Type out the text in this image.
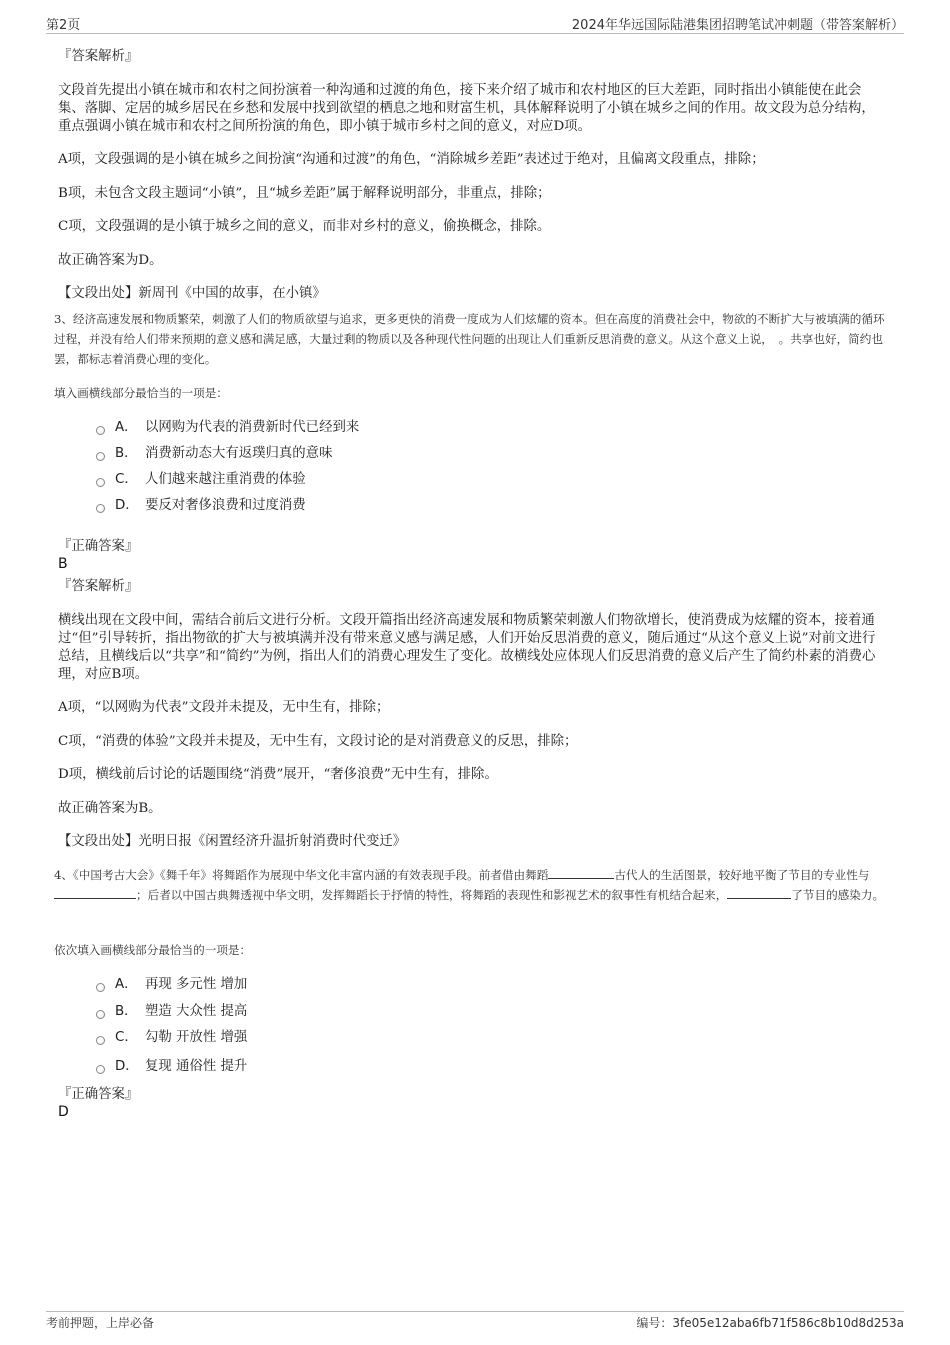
第2页	2024年华远国际陆港集团招聘笔试冲刺题（带答案解析）
『答案解析』

文段首先提出小镇在城市和农村之间扮演着一种沟通和过渡的角色，接下来介绍了城市和农村地区的巨大差距，同时指出小镇能使在此会集、落脚、定居的城乡居民在乡愁和发展中找到欲望的栖息之地和财富生机，具体解释说明了小镇在城乡之间的作用。故文段为总分结构，重点强调小镇在城市和农村之间所扮演的角色，即小镇于城市乡村之间的意义，对应D项。

A项，文段强调的是小镇在城乡之间扮演“沟通和过渡”的角色，“消除城乡差距”表述过于绝对，且偏离文段重点，排除；

B项，未包含文段主题词“小镇”，且“城乡差距”属于解释说明部分，非重点，排除；

C项，文段强调的是小镇于城乡之间的意义，而非对乡村的意义，偷换概念，排除。

故正确答案为D。

【文段出处】新周刊《中国的故事，在小镇》

3、经济高速发展和物质繁荣，刺激了人们的物质欲望与追求，更多更快的消费一度成为人们炫耀的资本。但在高度的消费社会中，物欲的不断扩大与被填满的循环过程，并没有给人们带来预期的意义感和满足感，大量过剩的物质以及各种现代性问题的出现让人们重新反思消费的意义。从这个意义上说，　。共享也好，简约也罢，都标志着消费心理的变化。

填入画横线部分最恰当的一项是：

A． 以网购为代表的消费新时代已经到来
B． 消费新动态大有返璞归真的意味
C． 人们越来越注重消费的体验
D． 要反对奢侈浪费和过度消费
『正确答案』
B
『答案解析』

横线出现在文段中间，需结合前后文进行分析。文段开篇指出经济高速发展和物质繁荣刺激人们物欲增长，使消费成为炫耀的资本，接着通过“但”引导转折，指出物欲的扩大与被填满并没有带来意义感与满足感，人们开始反思消费的意义，随后通过“从这个意义上说”对前文进行总结，且横线后以“共享”和“简约”为例，指出人们的消费心理发生了变化。故横线处应体现人们反思消费的意义后产生了简约朴素的消费心理，对应B项。

A项，“以网购为代表”文段并未提及，无中生有，排除；

C项，“消费的体验”文段并未提及，无中生有，文段讨论的是对消费意义的反思，排除；

D项，横线前后讨论的话题围绕“消费”展开，“奢侈浪费”无中生有，排除。

故正确答案为B。

【文段出处】光明日报《闲置经济升温折射消费时代变迁》

4、《中国考古大会》《舞千年》将舞蹈作为展现中华文化丰富内涵的有效表现手段。前者借由舞蹈	古代人的生活图景，较好地平衡了节目的专业性与；后者以中国古典舞透视中华文明，发挥舞蹈长于抒情的特性，将舞蹈的表现性和影视艺术的叙事性有机结合起来，	了节目的感染力。

依次填入画横线部分最恰当的一项是：

A． 再现 多元性 增加
B． 塑造 大众性 提高
C． 勾勒 开放性 增强
D． 复现 通俗性 提升
『正确答案』
D
考前押题，上岸必备	编号：3fe05e12aba6fb71f586c8b10d8d253a
